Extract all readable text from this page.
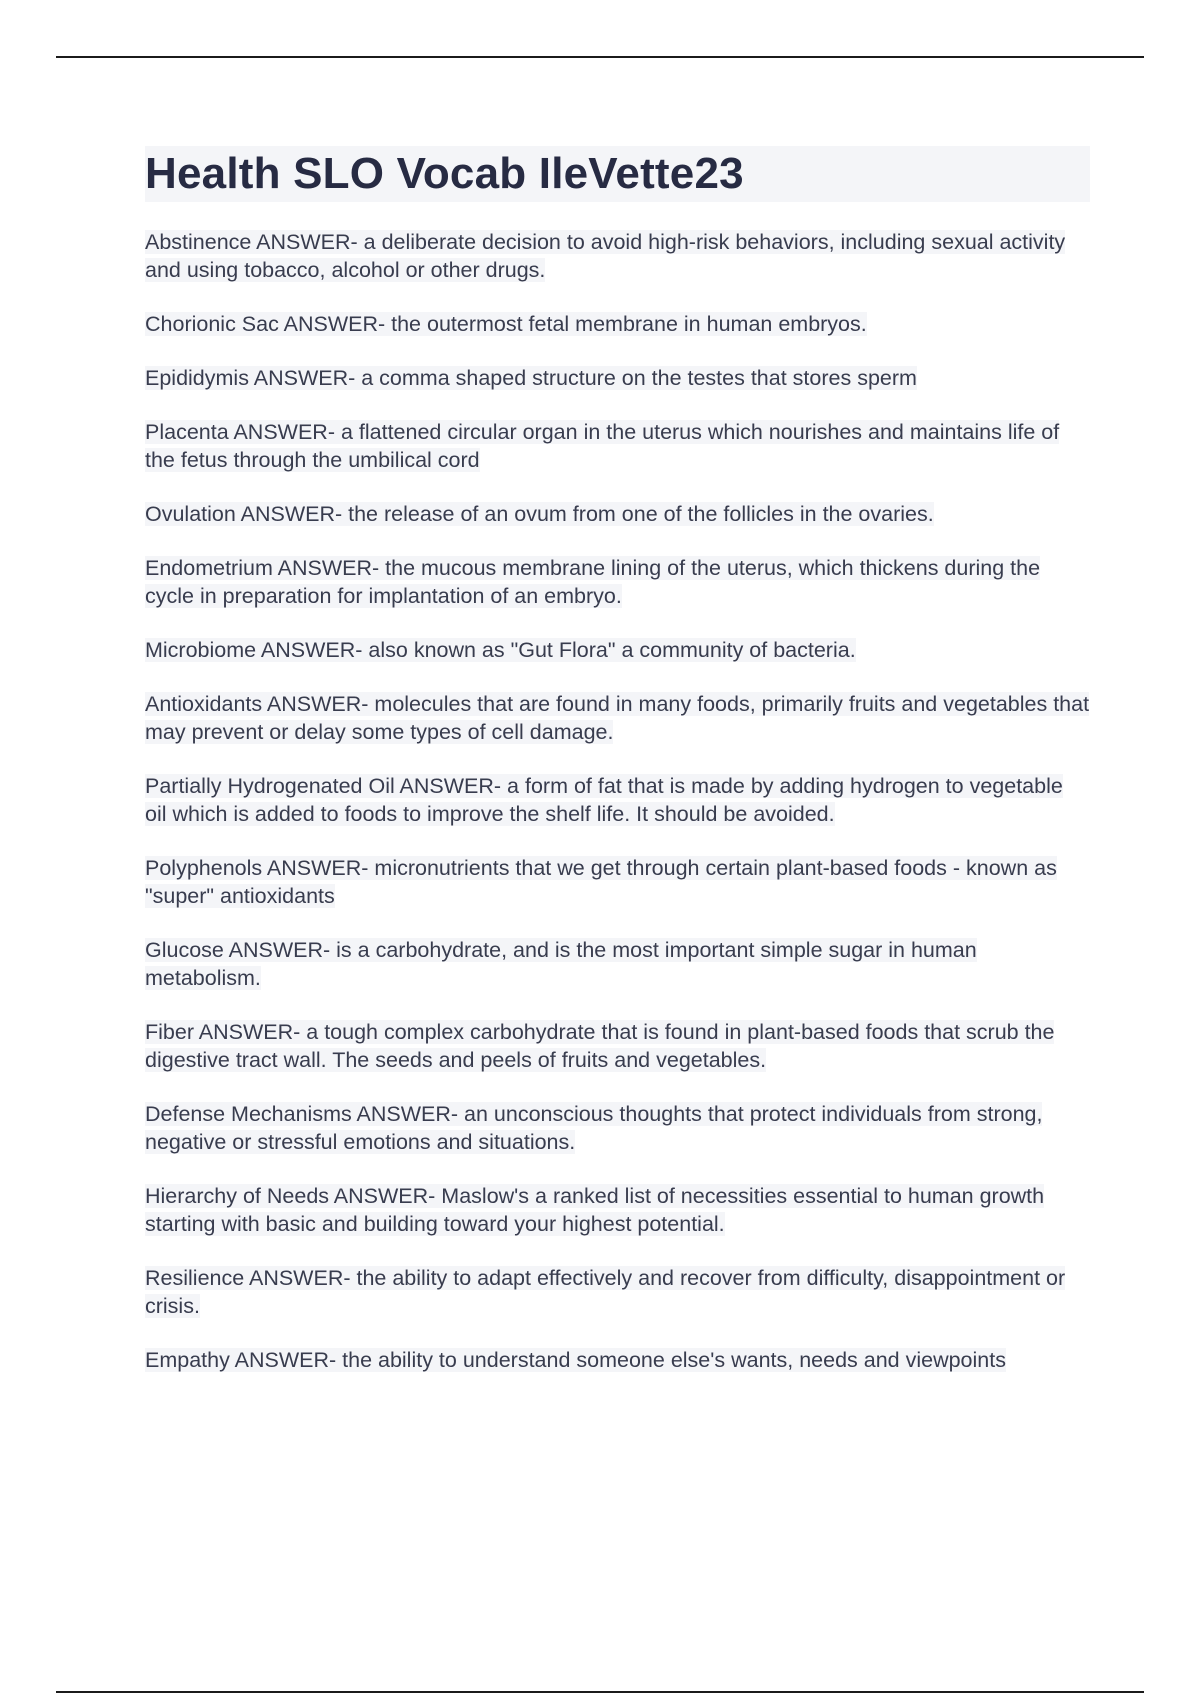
Health SLO Vocab IleVette23

Abstinence ANSWER- a deliberate decision to avoid high-risk behaviors, including sexual activity and using tobacco, alcohol or other drugs.

Chorionic Sac ANSWER- the outermost fetal membrane in human embryos.

Epididymis ANSWER- a comma shaped structure on the testes that stores sperm

Placenta ANSWER- a flattened circular organ in the uterus which nourishes and maintains life of the fetus through the umbilical cord

Ovulation ANSWER- the release of an ovum from one of the follicles in the ovaries.

Endometrium ANSWER- the mucous membrane lining of the uterus, which thickens during the cycle in preparation for implantation of an embryo.

Microbiome ANSWER- also known as "Gut Flora" a community of bacteria.

Antioxidants ANSWER- molecules that are found in many foods, primarily fruits and vegetables that may prevent or delay some types of cell damage.

Partially Hydrogenated Oil ANSWER- a form of fat that is made by adding hydrogen to vegetable oil which is added to foods to improve the shelf life. It should be avoided.

Polyphenols ANSWER- micronutrients that we get through certain plant-based foods - known as "super" antioxidants

Glucose ANSWER- is a carbohydrate, and is the most important simple sugar in human metabolism.

Fiber ANSWER- a tough complex carbohydrate that is found in plant-based foods that scrub the digestive tract wall. The seeds and peels of fruits and vegetables.

Defense Mechanisms ANSWER- an unconscious thoughts that protect individuals from strong, negative or stressful emotions and situations.

Hierarchy of Needs ANSWER- Maslow's a ranked list of necessities essential to human growth starting with basic and building toward your highest potential.

Resilience ANSWER- the ability to adapt effectively and recover from difficulty, disappointment or crisis.

Empathy ANSWER- the ability to understand someone else's wants, needs and viewpoints
